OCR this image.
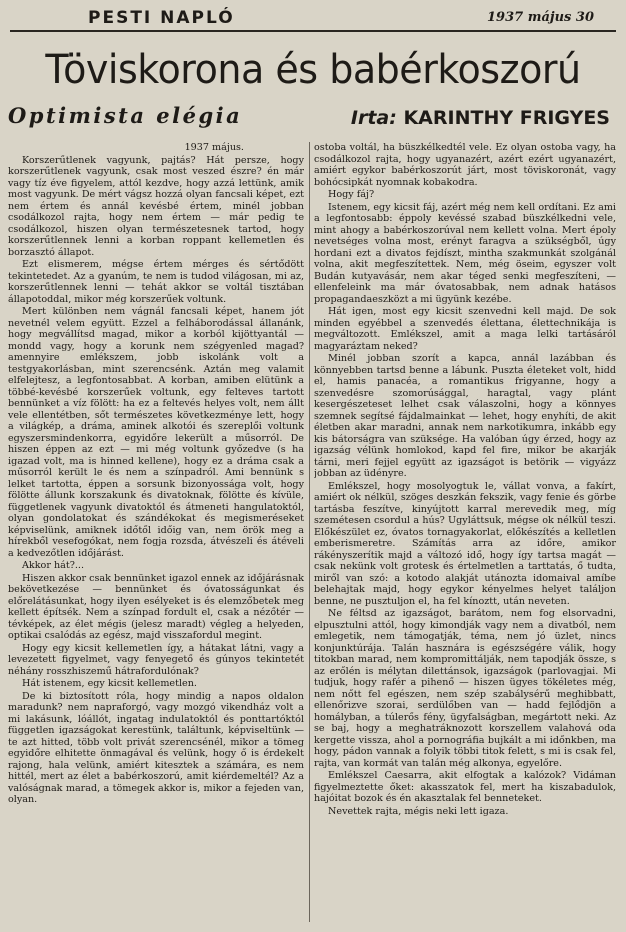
PESTI NAPLÓ	1937 május 30
Töviskorona és babérkoszorú
Optimista elégia	Irta: KARINTHY FRIGYES

1937 május.

Korszerűtlenek vagyunk, pajtás? Hát persze, hogy korszerűtlenek vagyunk, csak most veszed észre? én már vagy tíz éve figyelem, attól kezdve, hogy azzá lettünk, amik most vagyunk. De mért vágsz hozzá olyan fancsali képet, ezt nem értem és annál kevésbé értem, minél jobban csodálkozol rajta, hogy nem értem — már pedig te csodálkozol, hiszen olyan természetesnek tartod, hogy korszerűtlennek lenni a korban roppant kellemetlen és borzasztó állapot.

Ezt elismerem, mégse értem mérges és sértődött tekintetedet. Az a gyanúm, te nem is tudod világosan, mi az, korszerűtlennek lenni — tehát akkor se voltál tisztában állapotoddal, mikor még korszerűek voltunk.

Mert különben nem vágnál fancsali képet, hanem jót nevetnél velem együtt. Ezzel a felháborodással állanánk, hogy megvállítsd magad, mikor a korból kijöttyantál — mondd vagy, hogy a korunk nem szégyenled magad? amennyire emlékszem, jobb iskolánk volt a testgyakorlásban, mint szerencsénk. Aztán meg valamit elfelejtesz, a legfontosabbat. A korban, amiben elütünk a többé-kevésbé korszerűek voltunk, egy felteves tartott bennünket a víz fölött: ha ez a feltevés helyes volt, nem állt vele ellentétben, sőt természetes következménye lett, hogy a világkép, a dráma, aminek alkotói és szereplői voltunk egyszersmindenkorra, egyidőre lekerült a műsorról. De hiszen éppen az ezt — mi még voltunk győzedve (s ha igazad volt, ma is hinned kellene), hogy ez a dráma csak a műsorról került le és nem a színpadról. Ami bennünk s lelket tartotta, éppen a sorsunk bizonyossága volt, hogy fölötte állunk korszakunk és divatoknak, fölötte és kívüle, függetlenek vagyunk divatoktól és átmeneti hangulatoktól, olyan gondolatokat és szándékokat és megismeréseket képviselünk, amiknek időtől időig van, nem örök meg a hírekből vesefogókat, nem fogja rozsda, átvészeli és átéveli a kedvezőtlen időjárást.

Akkor hát?...

Hiszen akkor csak bennünket igazol ennek az időjárásnak bekövetkezése — bennünket és óvatosságunkat és előrelátásunkat, hogy ilyen esélyeket is és elemzőbetek meg kellett építsék. Nem a színpad fordult el, csak a nézőtér — tévképek, az élet mégis (jelesz maradt) végleg a helyeden, optikai csalódás az egész, majd visszafordul megint.

Hogy egy kicsit kellemetlen így, a hátakat látni, vagy a levezetett figyelmet, vagy fenyegető és gúnyos tekintetét néhány rosszhiszemű hátrafordulónak?

Hát istenem, egy kicsit kellemetlen.

De ki biztosított róla, hogy mindig a napos oldalon maradunk? nem napraforgó, vagy mozgó vikendház volt a mi lakásunk, lóállót, ingatag indulatoktól és ponttartóktól független igazságokat kerestünk, találtunk, képviseltünk — te azt hitted, több volt privát szerencsénél, mikor a tömeg egyidőre elhitette önmagával és velünk, hogy ő is érdekelt rajong, hala velünk, amiért kitesztek a számára, es nem hittél, mert az élet a babérkoszorú, amit kiérdemeltél? Az a valóságnak marad, a tömegek akkor is, mikor a fejeden van, olyan.

ostoba voltál, ha büszkélkedtél vele. Ez olyan ostoba vagy, ha csodálkozol rajta, hogy ugyanazért, azért ezért ugyanazért, amiért egykor babérkoszorút járt, most töviskoronát, vagy bohócsipkát nyomnak kobakodra.

Hogy fáj?

Istenem, egy kicsit fáj, azért még nem kell ordítani. Ez ami a legfontosabb: éppoly kevéssé szabad büszkélkedni vele, mint ahogy a babérkoszorúval nem kellett volna. Mert époly nevetséges volna most, erényt faragva a szükségből, úgy hordani ezt a divatos fejdíszt, mintha szakmunkát szolgánál volna, akit megfeszítettek. Nem, még öseim, egyszer volt Budán kutyavásár, nem akar téged senki megfeszíteni, — ellenfeleink ma már óvatosabbak, nem adnak hatásos propagandaeszközt a mi ügyünk kezébe.

Hát igen, most egy kicsit szenvedni kell majd. De sok minden egyébbel a szenvedés élettana, élettechnikája is megváltozott. Emlékszel, amit a maga lelki tartásáról magyaráztam neked?

Minél jobban szorít a kapca, annál lazábban és könnyebben tartsd benne a lábunk. Puszta életeket volt, hidd el, hamis panacéa, a romantikus frigyanne, hogy a szenvedésre szomorúsággal, haragtal, vagy plánt kesergészeteset lelhet csak válaszolni, hogy a könnyes szemnek segítsé fájdalmainkat — lehet, hogy enyhíti, de akit életben akar maradni, annak nem narkotikumra, inkább egy kis bátorságra van szüksége. Ha valóban úgy érzed, hogy az igazság vélünk homlokod, kapd fel fire, mikor be akarják tárni, meri fejjel együtt az igazságot is betörik — vigyázz jobban az üdényre.

Emlékszel, hogy mosolyogtuk le, vállat vonva, a fakírt, amiért ok nélkül, szöges deszkán fekszik, vagy fenie és görbe tartásba feszítve, kinyújtott karral merevedik meg, míg szemétesen csordul a hús? Ugyláttsuk, mégse ok nélkül teszi. Előkészület ez, óvatos tornagyakorlat, előkészítés a kelletlen emberismeretre. Számítás arra az időre, amikor rákényszerítik majd a változó idő, hogy így tartsa magát — csak nekünk volt grotesk és értelmetlen a tarttatás, ő tudta, miről van szó: a kotodo alakját utánozta idomaival amíbe belehajtak majd, hogy egykor kényelmes helyet találjon benne, ne pusztuljon el, ha fel kínoztt, után neveten.

Ne féltsd az igazságot, barátom, nem fog elsorvadni, elpusztulni attól, hogy kimondják vagy nem a divatból, nem emlegetik, nem támogatják, téma, nem jó üzlet, nincs konjunktúrája. Talán hasznára is egészségére válik, hogy titokban marad, nem kompromittálják, nem tapodják össze, s az erőlén is mélytan dilettánsok, igazságok (parlovagjai. Mi tudjuk, hogy rafér a pihenő — hiszen ügyes tökéletes még, nem nőtt fel egészen, nem szép szabálysérű meghibbatt, ellenőrizve szorai, serdülőben van — hadd fejlődjön a homályban, a túlerős fény, ügyfalságban, megártott neki. Az se baj, hogy a meghatráknozott korszellem valahová oda kergette vissza, ahol a pornográfia bujkált a mi időnkben, ma hogy, pádon vannak a folyik többi titok felett, s mi is csak fel, rajta, van kormát van talán még alkonya, egyelőre.

Emlékszel Caesarra, akit elfogtak a kalózok? Vidáman figyelmeztette őket: akasszatok fel, mert ha kiszabadulok, hajóitat bozok és én akasztalak fel benneteket.

Nevettek rajta, mégis neki lett igaza.
